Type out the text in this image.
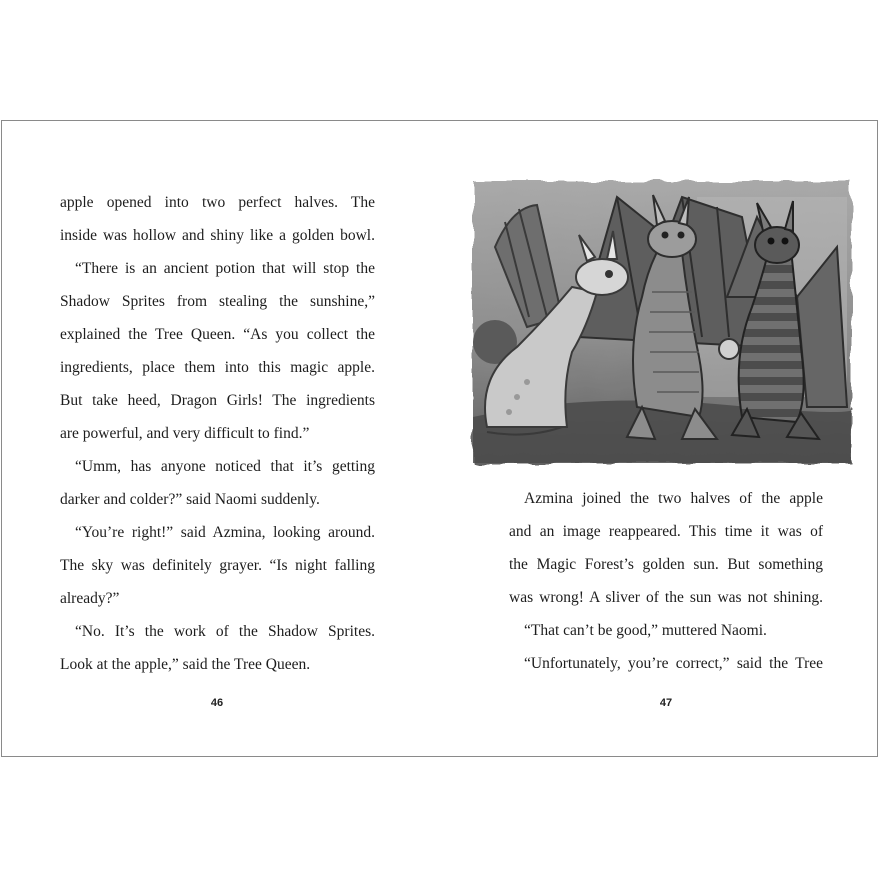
apple opened into two perfect halves. The
inside was hollow and shiny like a golden bowl.
“There is an ancient potion that will stop the
Shadow Sprites from stealing the sunshine,”
explained the Tree Queen. “As you collect the
ingredients, place them into this magic apple.
But take heed, Dragon Girls! The ingredients
are powerful, and very difficult to find.”
“Umm, has anyone noticed that it’s getting
darker and colder?” said Naomi suddenly.
“You’re right!” said Azmina, looking around.
The sky was definitely grayer. “Is night falling
already?”
“No. It’s the work of the Shadow Sprites.
Look at the apple,” said the Tree Queen.
46
Azmina joined the two halves of the apple
and an image reappeared. This time it was of
the Magic Forest’s golden sun. But something
was wrong! A sliver of the sun was not shining.
“That can’t be good,” muttered Naomi.
“Unfortunately, you’re correct,” said the Tree
47
